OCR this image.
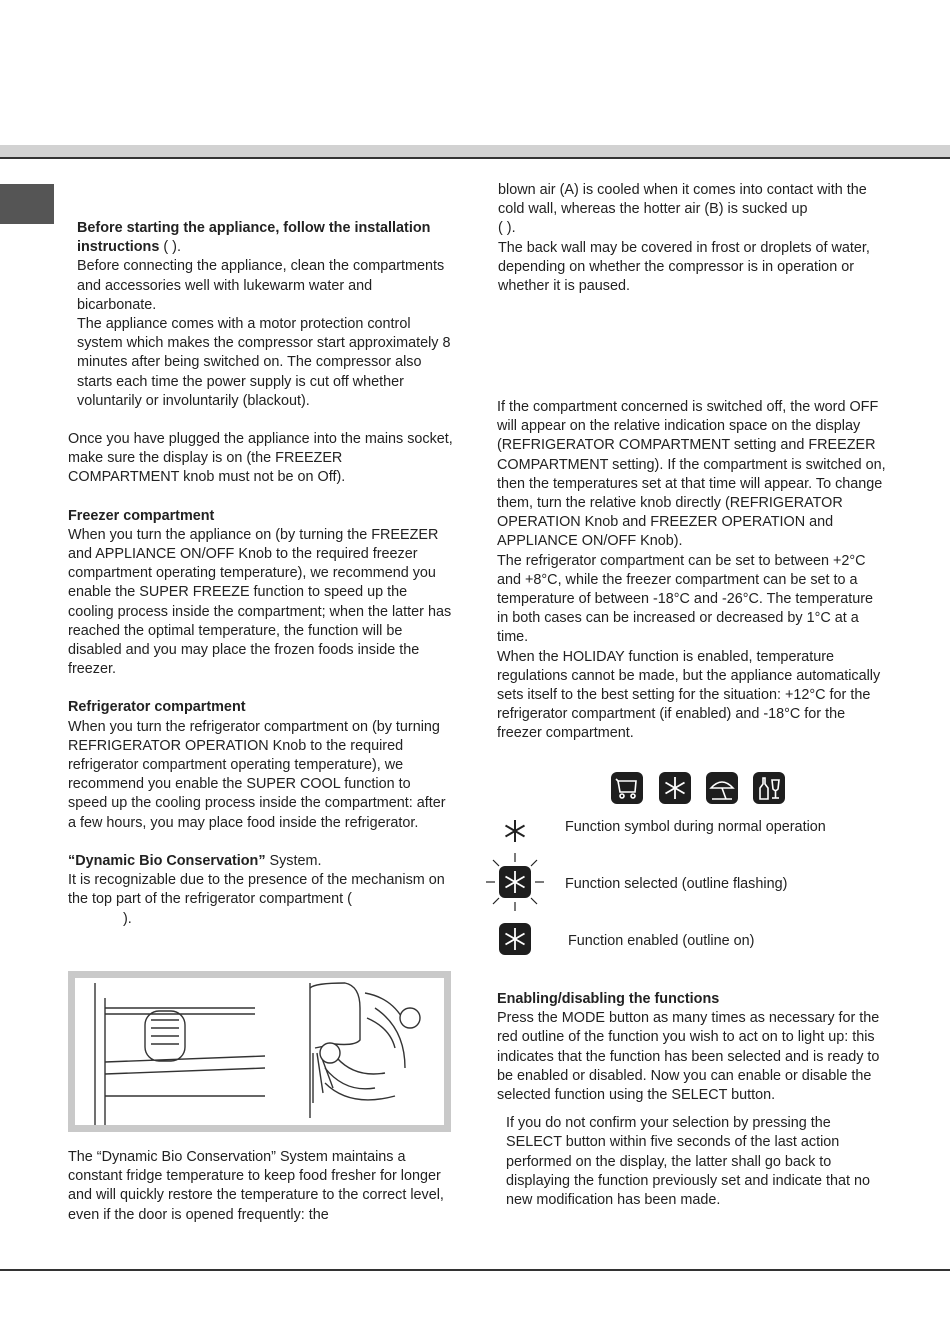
Before starting the appliance, follow the installation instructions ( ).

Before connecting the appliance, clean the compartments and accessories well with lukewarm water and bicarbonate.

The appliance comes with a motor protection control system which makes the compressor start approximately 8 minutes after being switched on. The compressor also starts each time the power supply is cut off whether voluntarily or involuntarily (blackout).

Once you have plugged the appliance into the mains socket, make sure the display is on (the FREEZER COMPARTMENT knob must not be on Off).

Freezer compartment

When you turn the appliance on (by turning the FREEZER and APPLIANCE ON/OFF Knob to the required freezer compartment operating temperature), we recommend you enable the SUPER FREEZE function to speed up the cooling process inside the compartment; when the latter has reached the optimal temperature, the function will be disabled and you may place the frozen foods inside the freezer.

Refrigerator compartment

When you turn the refrigerator compartment on (by turning REFRIGERATOR OPERATION Knob to the required refrigerator compartment operating temperature), we recommend you enable the SUPER COOL function to speed up the cooling process inside the compartment: after a few hours, you may place food inside the refrigerator.

“Dynamic Bio Conservation” System.

It is recognizable due to the presence of the mechanism on the top part of the refrigerator compartment (

).

The “Dynamic Bio Conservation” System maintains a constant fridge temperature to keep food fresher for longer and will quickly restore the temperature to the correct level, even if the door is opened frequently: the

blown air (A) is cooled when it comes into contact with the cold wall, whereas the hotter air (B) is sucked up

( ).

The back wall may be covered in frost or droplets of water, depending on whether the compressor is in operation or whether it is paused.

If the compartment concerned is switched off, the word OFF will appear on the relative indication space on the display (REFRIGERATOR COMPARTMENT setting and FREEZER COMPARTMENT setting). If the compartment is switched on, then the temperatures set at that time will appear. To change them, turn the relative knob directly (REFRIGERATOR OPERATION Knob and FREEZER OPERATION and APPLIANCE ON/OFF Knob).

The refrigerator compartment can be set to between +2°C and +8°C, while the freezer compartment can be set to a temperature of between -18°C and -26°C. The temperature in both cases can be increased or decreased by 1°C at a time.

When the HOLIDAY function is enabled, temperature regulations cannot be made, but the appliance automatically sets itself to the best setting for the situation: +12°C for the refrigerator compartment (if enabled) and -18°C for the freezer compartment.

Function symbol during normal operation
Function selected (outline flashing)
Function enabled (outline on)

Enabling/disabling the functions

Press the MODE button as many times as necessary for the red outline of the function you wish to act on to light up: this indicates that the function has been selected and is ready to be enabled or disabled. Now you can enable or disable the selected function using the SELECT button.

If you do not confirm your selection by pressing the SELECT button within five seconds of the last action performed on the display, the latter shall go back to displaying the function previously set and indicate that no new modification has been made.
